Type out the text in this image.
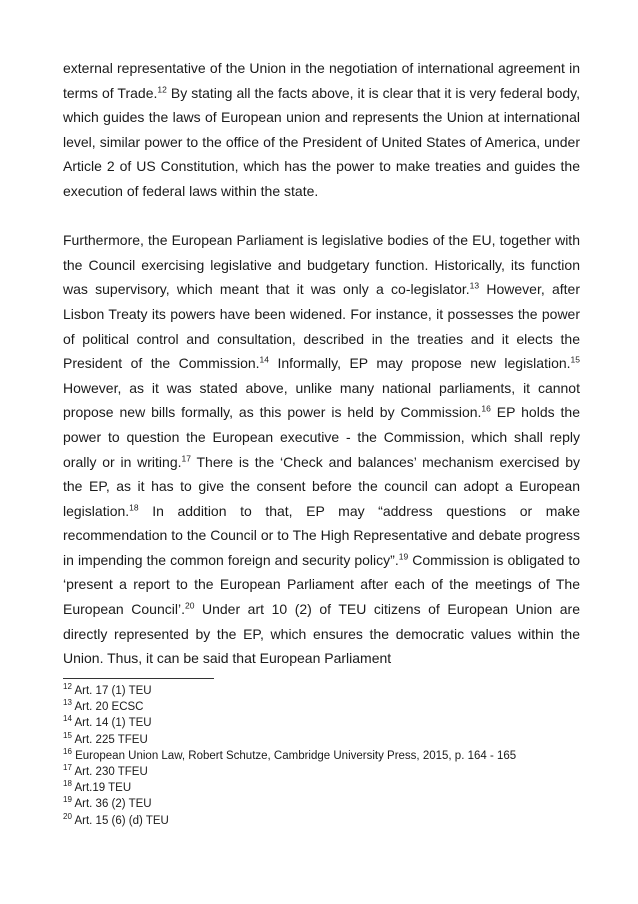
external representative of the Union in the negotiation of international agreement in terms of Trade.$^{12}$ By stating all the facts above, it is clear that it is very federal body, which guides the laws of European union and represents the Union at international level, similar power to the office of the President of United States of America, under Article 2 of US Constitution, which has the power to make treaties and guides the execution of federal laws within the state.

Furthermore, the European Parliament is legislative bodies of the EU, together with the Council exercising legislative and budgetary function. Historically, its function was supervisory, which meant that it was only a co-legislator.$^{13}$ However, after Lisbon Treaty its powers have been widened. For instance, it possesses the power of political control and consultation, described in the treaties and it elects the President of the Commission.$^{14}$ Informally, EP may propose new legislation.$^{15}$ However, as it was stated above, unlike many national parliaments, it cannot propose new bills formally, as this power is held by Commission.$^{16}$ EP holds the power to question the European executive - the Commission, which shall reply orally or in writing.$^{17}$ There is the ‘Check and balances’ mechanism exercised by the EP, as it has to give the consent before the council can adopt a European legislation.$^{18}$ In addition to that, EP may “address questions or make recommendation to the Council or to The High Representative and debate progress in impending the common foreign and security policy”.$^{19}$ Commission is obligated to ‘present a report to the European Parliament after each of the meetings of The European Council’.$^{20}$ Under art 10 (2) of TEU citizens of European Union are directly represented by the EP, which ensures the democratic values within the Union. Thus, it can be said that European Parliament

$^{12}$ Art. 17 (1) TEU
$^{13}$ Art. 20 ECSC
$^{14}$ Art. 14 (1) TEU
$^{15}$ Art. 225 TFEU
$^{16}$ European Union Law, Robert Schutze, Cambridge University Press, 2015, p. 164 - 165
$^{17}$ Art. 230 TFEU
$^{18}$ Art.19 TEU
$^{19}$ Art. 36 (2) TEU
$^{20}$ Art. 15 (6) (d) TEU
